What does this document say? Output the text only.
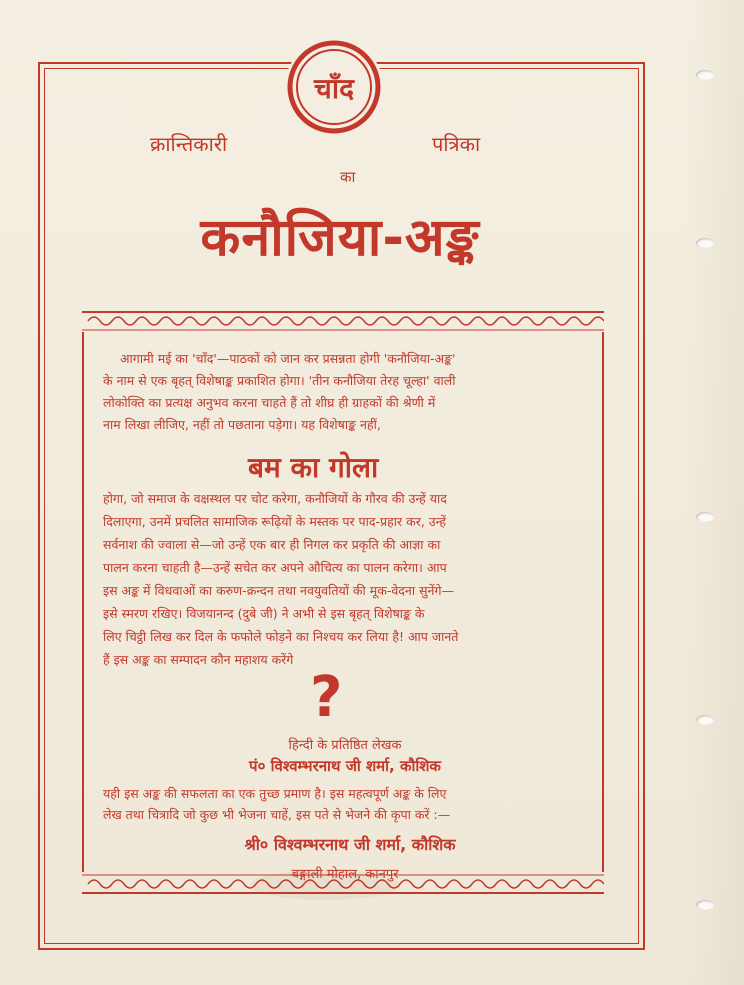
चाँद
क्रान्तिकारी	पत्रिका
का
कनौजिया-अङ्क
आगामी मई का 'चाँद'—पाठकों को जान कर प्रसन्नता होगी 'कनौजिया-अङ्क'
के नाम से एक बृहत् विशेषाङ्क प्रकाशित होगा। 'तीन कनौजिया तेरह चूल्हा' वाली
लोकोक्ति का प्रत्यक्ष अनुभव करना चाहते हैं तो शीघ्र ही ग्राहकों की श्रेणी में
नाम लिखा लीजिए, नहीं तो पछताना पड़ेगा। यह विशेषाङ्क नहीं,
बम का गोला
होगा, जो समाज के वक्षस्थल पर चोट करेगा, कनौजियों के गौरव की उन्हें याद
दिलाएगा, उनमें प्रचलित सामाजिक रूढ़ियों के मस्तक पर पाद-प्रहार कर, उन्हें
सर्वनाश की ज्वाला से—जो उन्हें एक बार ही निगल कर प्रकृति की आज्ञा का
पालन करना चाहती है—उन्हें सचेत कर अपने औचित्य का पालन करेगा। आप
इस अङ्क में विधवाओं का करुण-क्रन्दन तथा नवयुवतियों की मूक-वेदना सुनेंगे—
इसे स्मरण रखिए। विजयानन्द (दुबे जी) ने अभी से इस बृहत् विशेषाङ्क के
लिए चिट्ठी लिख कर दिल के फफोले फोड़ने का निश्चय कर लिया है! आप जानते
हैं इस अङ्क का सम्पादन कौन महाशय करेंगे
?
हिन्दी के प्रतिष्ठित लेखक
पं० विश्वम्भरनाथ जी शर्मा, कौशिक
यही इस अङ्क की सफलता का एक तुच्छ प्रमाण है। इस महत्वपूर्ण अङ्क के लिए
लेख तथा चित्रादि जो कुछ भी भेजना चाहें, इस पते से भेजने की कृपा करें :—
श्री० विश्वम्भरनाथ जी शर्मा, कौशिक
बङ्गाली मोहाल, कानपुर
